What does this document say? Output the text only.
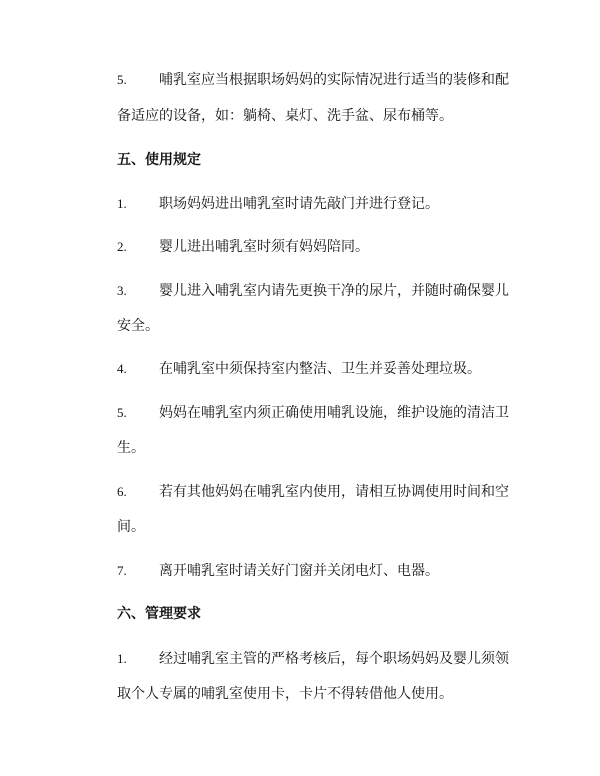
5. 哺乳室应当根据职场妈妈的实际情况进行适当的装修和配
备适应的设备，如：躺椅、桌灯、洗手盆、尿布桶等。
五、使用规定
1. 职场妈妈进出哺乳室时请先敲门并进行登记。
2. 婴儿进出哺乳室时须有妈妈陪同。
3. 婴儿进入哺乳室内请先更换干净的尿片，并随时确保婴儿
安全。
4. 在哺乳室中须保持室内整洁、卫生并妥善处理垃圾。
5. 妈妈在哺乳室内须正确使用哺乳设施，维护设施的清洁卫
生。
6. 若有其他妈妈在哺乳室内使用，请相互协调使用时间和空
间。
7. 离开哺乳室时请关好门窗并关闭电灯、电器。
六、管理要求
1. 经过哺乳室主管的严格考核后，每个职场妈妈及婴儿须领
取个人专属的哺乳室使用卡，卡片不得转借他人使用。
